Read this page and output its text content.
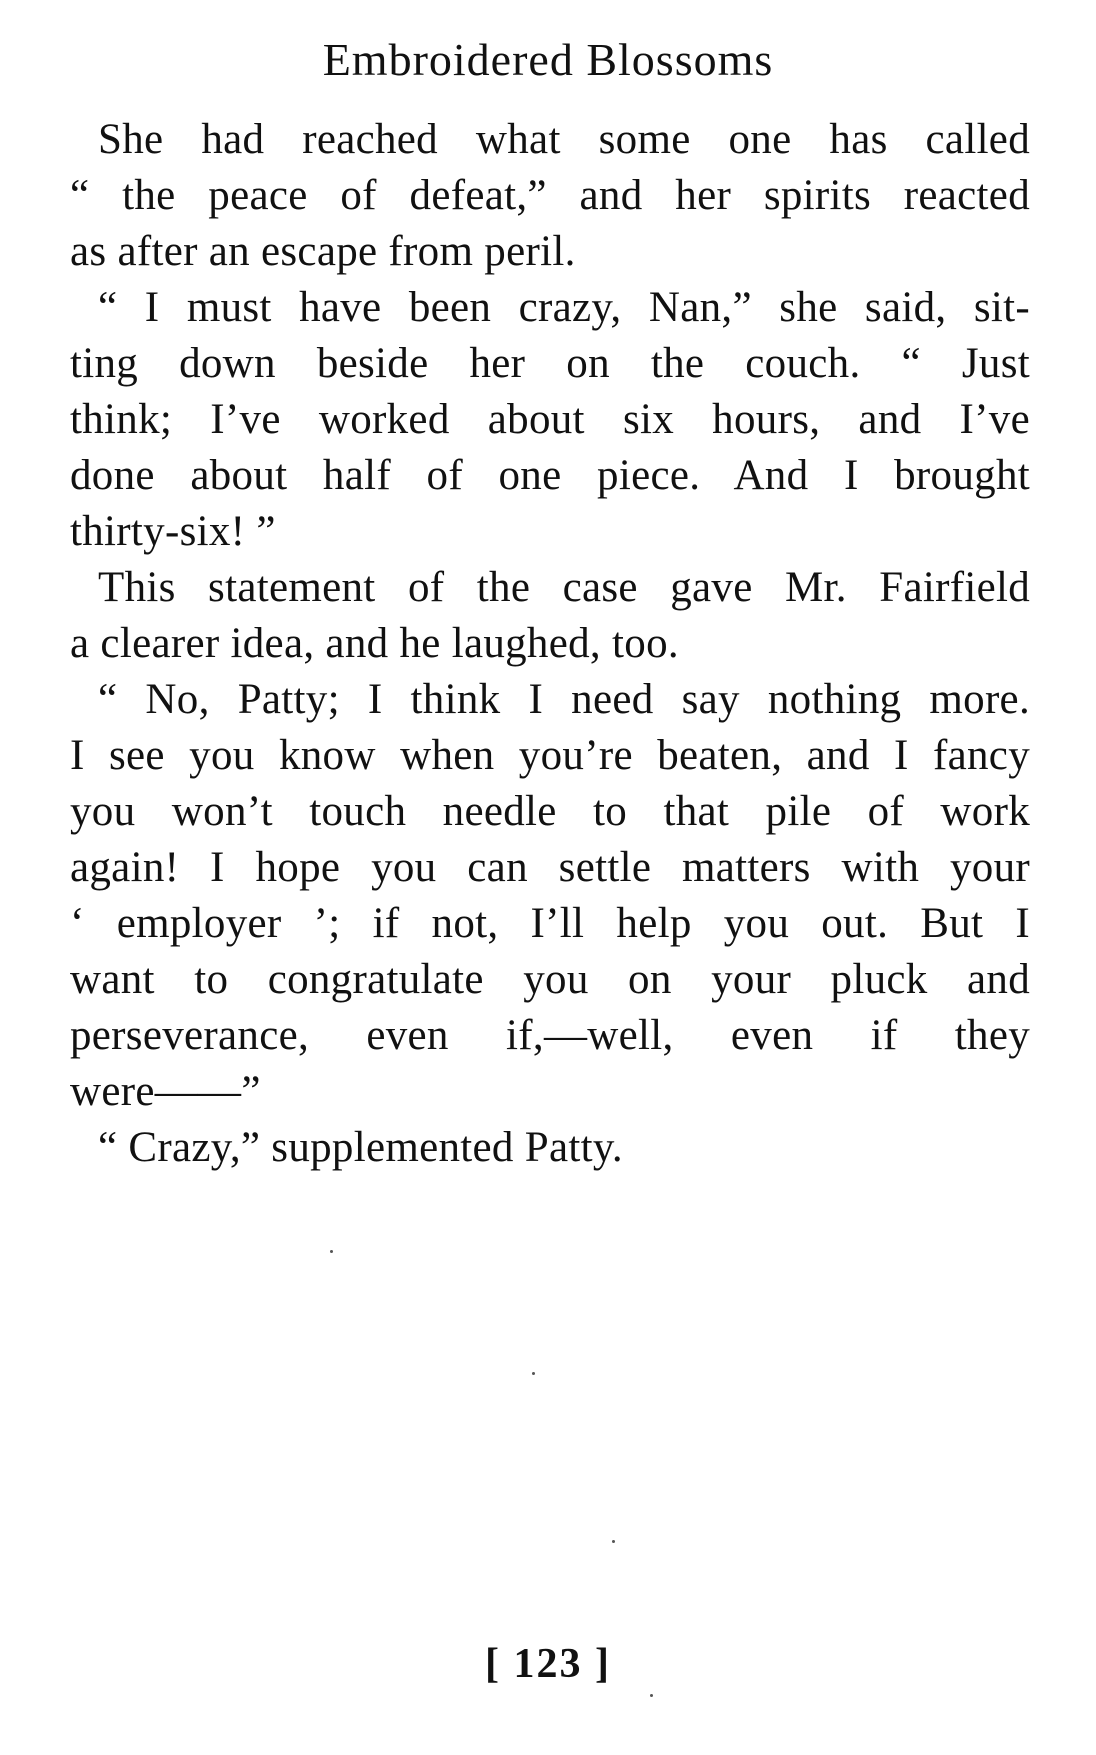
Embroidered Blossoms
She had reached what some one has called
“ the peace of defeat,” and her spirits reacted
as after an escape from peril.
“ I must have been crazy, Nan,” she said, sit-
ting down beside her on the couch. “ Just
think; I’ve worked about six hours, and I’ve
done about half of one piece. And I brought
thirty-six! ”
This statement of the case gave Mr. Fairfield
a clearer idea, and he laughed, too.
“ No, Patty; I think I need say nothing more.
I see you know when you’re beaten, and I fancy
you won’t touch needle to that pile of work
again! I hope you can settle matters with your
‘ employer ’; if not, I’ll help you out. But I
want to congratulate you on your pluck and
perseverance, even if,—well, even if they
were——”
“ Crazy,” supplemented Patty.
[ 123 ]
